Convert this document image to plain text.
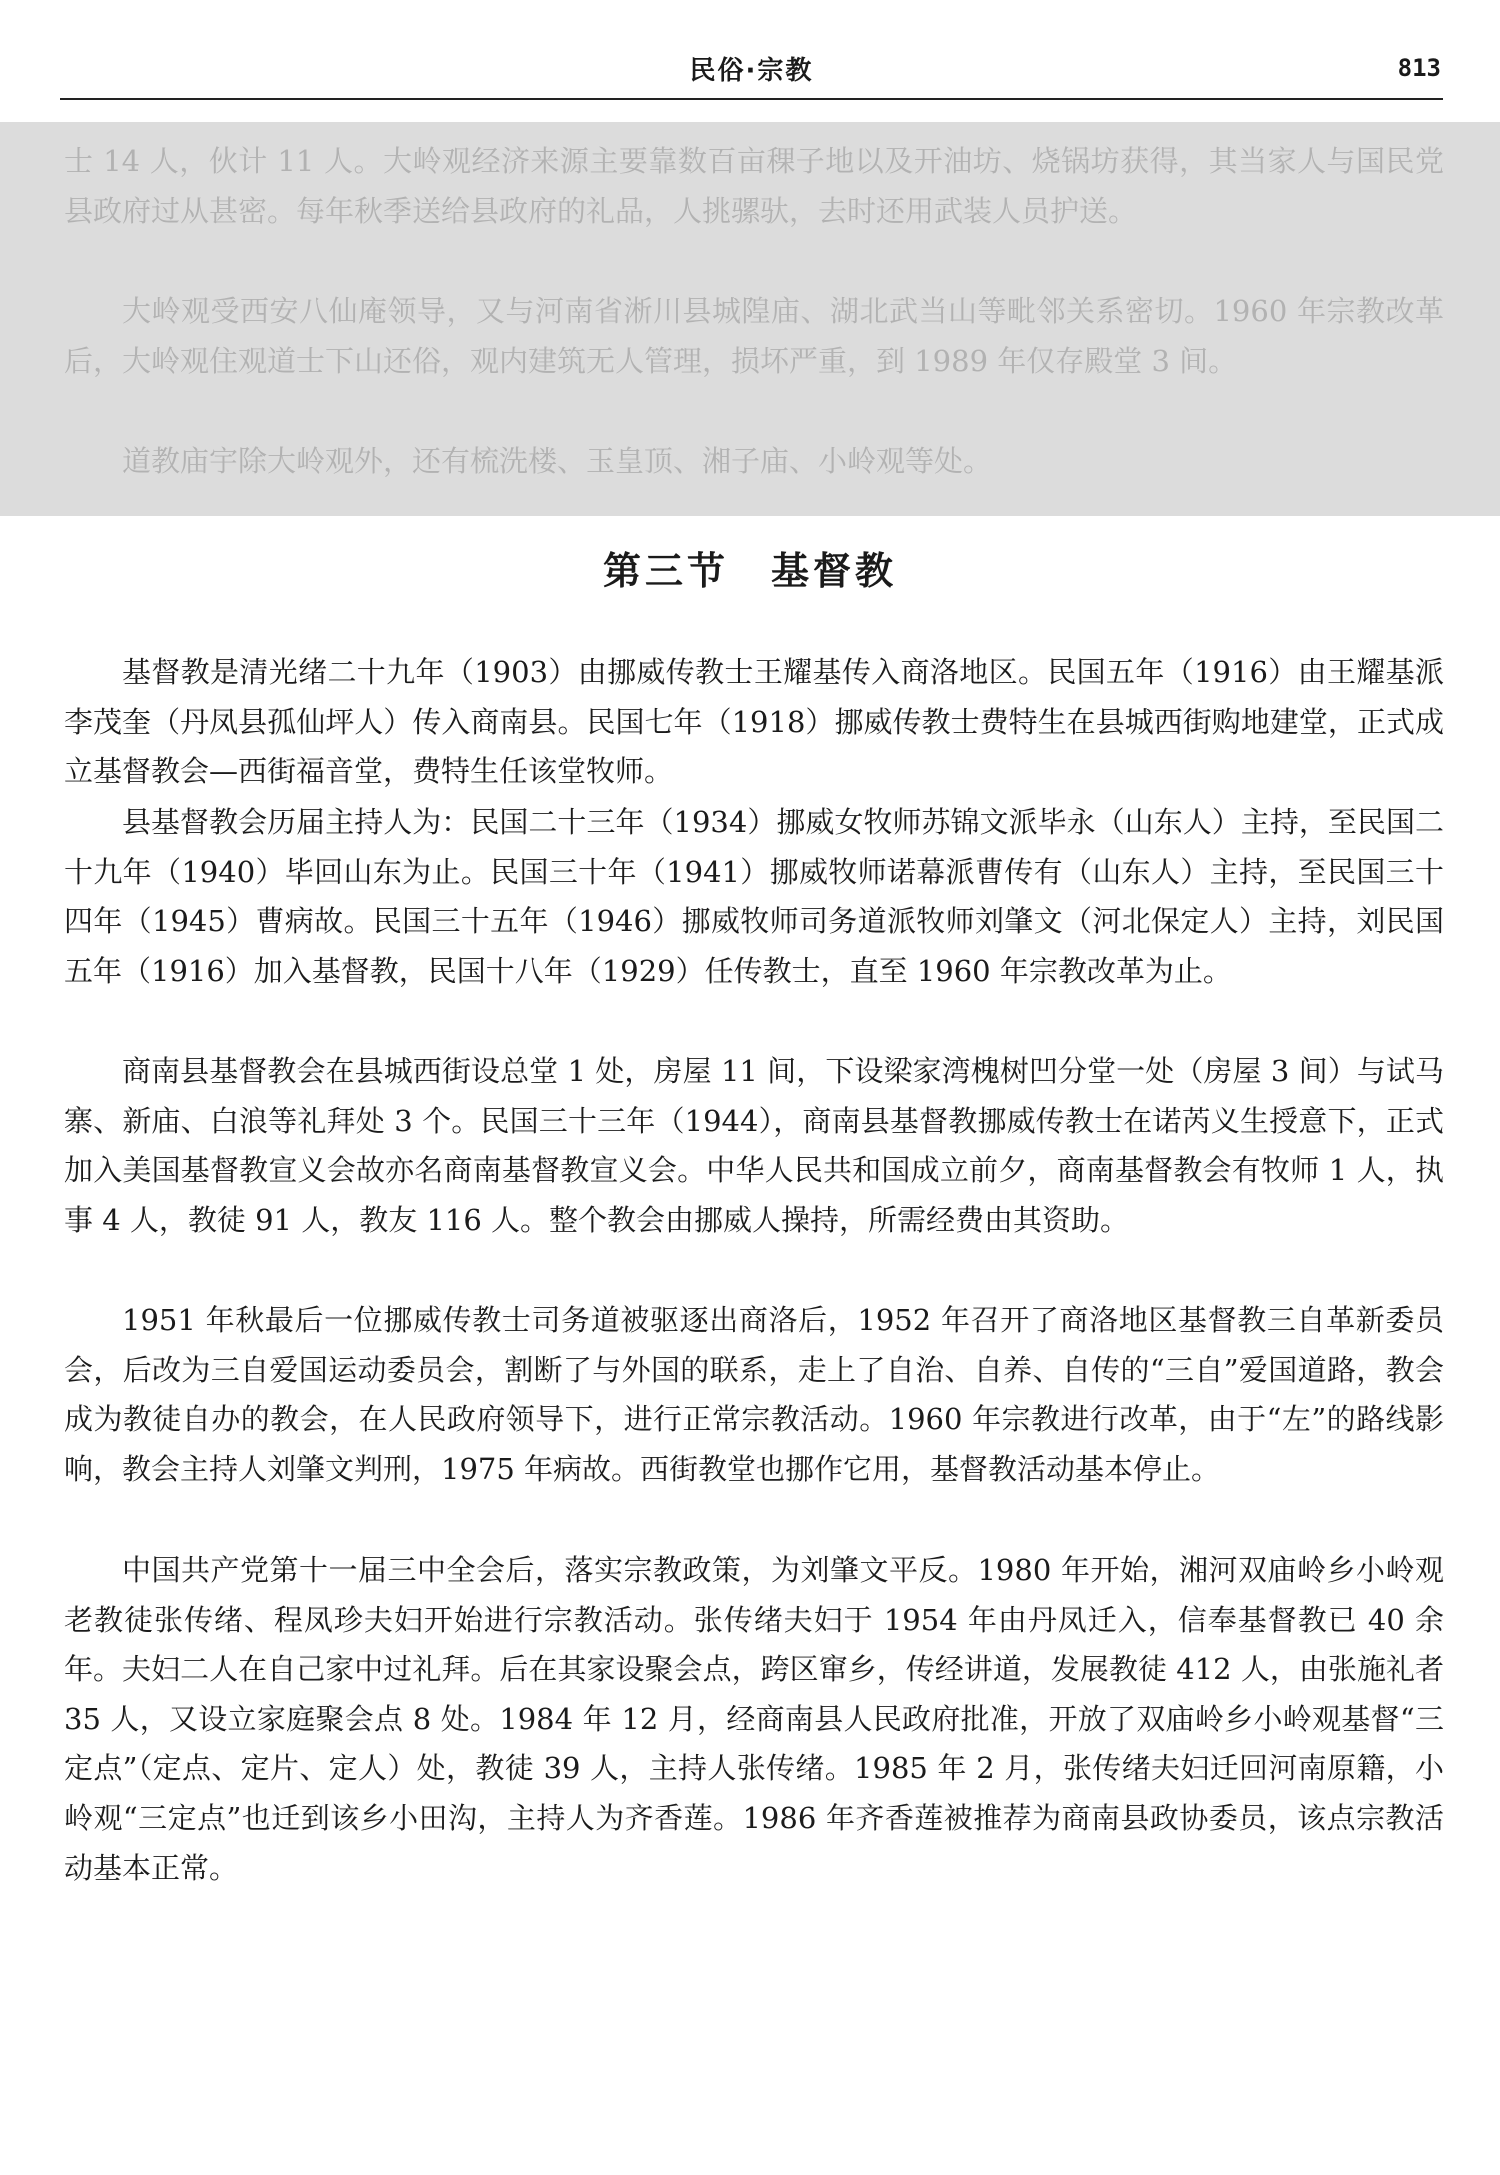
民俗·宗教	813

士 14 人，伙计 11 人。大岭观经济来源主要靠数百亩稞子地以及开油坊、烧锅坊获得，其当家人与国民党县政府过从甚密。每年秋季送给县政府的礼品，人挑骡驮，去时还用武装人员护送。

大岭观受西安八仙庵领导，又与河南省淅川县城隍庙、湖北武当山等毗邻关系密切。1960 年宗教改革后，大岭观住观道士下山还俗，观内建筑无人管理，损坏严重，到 1989 年仅存殿堂 3 间。

道教庙宇除大岭观外，还有梳洗楼、玉皇顶、湘子庙、小岭观等处。

第三节　基督教

基督教是清光绪二十九年（1903）由挪威传教士王耀基传入商洛地区。民国五年（1916）由王耀基派李茂奎（丹凤县孤仙坪人）传入商南县。民国七年（1918）挪威传教士费特生在县城西街购地建堂，正式成立基督教会—西街福音堂，费特生任该堂牧师。

县基督教会历届主持人为：民国二十三年（1934）挪威女牧师苏锦文派毕永（山东人）主持，至民国二十九年（1940）毕回山东为止。民国三十年（1941）挪威牧师诺幕派曹传有（山东人）主持，至民国三十四年（1945）曹病故。民国三十五年（1946）挪威牧师司务道派牧师刘肇文（河北保定人）主持，刘民国五年（1916）加入基督教，民国十八年（1929）任传教士，直至 1960 年宗教改革为止。

商南县基督教会在县城西街设总堂 1 处，房屋 11 间，下设梁家湾槐树凹分堂一处（房屋 3 间）与试马寨、新庙、白浪等礼拜处 3 个。民国三十三年（1944），商南县基督教挪威传教士在诺芮义生授意下，正式加入美国基督教宣义会故亦名商南基督教宣义会。中华人民共和国成立前夕，商南基督教会有牧师 1 人，执事 4 人，教徒 91 人，教友 116 人。整个教会由挪威人操持，所需经费由其资助。

1951 年秋最后一位挪威传教士司务道被驱逐出商洛后，1952 年召开了商洛地区基督教三自革新委员会，后改为三自爱国运动委员会，割断了与外国的联系，走上了自治、自养、自传的“三自”爱国道路，教会成为教徒自办的教会，在人民政府领导下，进行正常宗教活动。1960 年宗教进行改革，由于“左”的路线影响，教会主持人刘肇文判刑，1975 年病故。西街教堂也挪作它用，基督教活动基本停止。

中国共产党第十一届三中全会后，落实宗教政策，为刘肇文平反。1980 年开始，湘河双庙岭乡小岭观老教徒张传绪、程凤珍夫妇开始进行宗教活动。张传绪夫妇于 1954 年由丹凤迁入，信奉基督教已 40 余年。夫妇二人在自己家中过礼拜。后在其家设聚会点，跨区窜乡，传经讲道，发展教徒 412 人，由张施礼者 35 人，又设立家庭聚会点 8 处。1984 年 12 月，经商南县人民政府批准，开放了双庙岭乡小岭观基督“三定点”（定点、定片、定人）处，教徒 39 人，主持人张传绪。1985 年 2 月，张传绪夫妇迁回河南原籍，小岭观“三定点”也迁到该乡小田沟，主持人为齐香莲。1986 年齐香莲被推荐为商南县政协委员，该点宗教活动基本正常。
